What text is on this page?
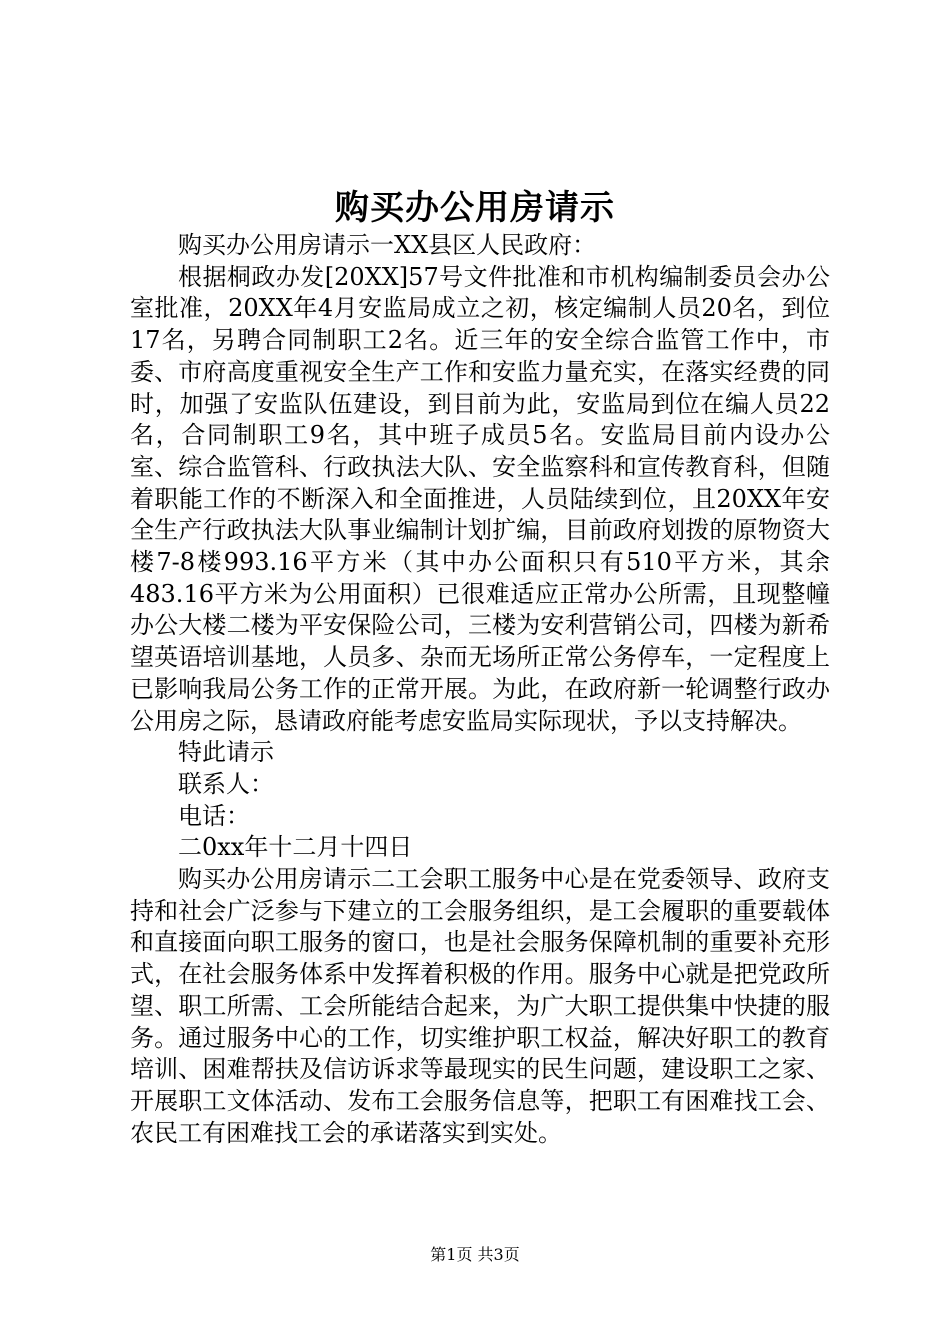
购买办公用房请示

购买办公用房请示一XX县区人民政府：

根据桐政办发[20XX]57号文件批准和市机构编制委员会办公室批准，20XX年4月安监局成立之初，核定编制人员20名，到位17名，另聘合同制职工2名。近三年的安全综合监管工作中，市委、市府高度重视安全生产工作和安监力量充实，在落实经费的同时，加强了安监队伍建设，到目前为此，安监局到位在编人员22名，合同制职工9名，其中班子成员5名。安监局目前内设办公室、综合监管科、行政执法大队、安全监察科和宣传教育科，但随着职能工作的不断深入和全面推进，人员陆续到位，且20XX年安全生产行政执法大队事业编制计划扩编，目前政府划拨的原物资大楼7-8楼993.16平方米（其中办公面积只有510平方米，其余483.16平方米为公用面积）已很难适应正常办公所需，且现整幢办公大楼二楼为平安保险公司，三楼为安利营销公司，四楼为新希望英语培训基地，人员多、杂而无场所正常公务停车，一定程度上已影响我局公务工作的正常开展。为此，在政府新一轮调整行政办公用房之际，恳请政府能考虑安监局实际现状，予以支持解决。

特此请示

联系人：

电话：

二0xx年十二月十四日

购买办公用房请示二工会职工服务中心是在党委领导、政府支持和社会广泛参与下建立的工会服务组织，是工会履职的重要载体和直接面向职工服务的窗口，也是社会服务保障机制的重要补充形式，在社会服务体系中发挥着积极的作用。服务中心就是把党政所望、职工所需、工会所能结合起来，为广大职工提供集中快捷的服务。通过服务中心的工作，切实维护职工权益，解决好职工的教育培训、困难帮扶及信访诉求等最现实的民生问题，建设职工之家、开展职工文体活动、发布工会服务信息等，把职工有困难找工会、农民工有困难找工会的承诺落实到实处。

第1页 共3页
